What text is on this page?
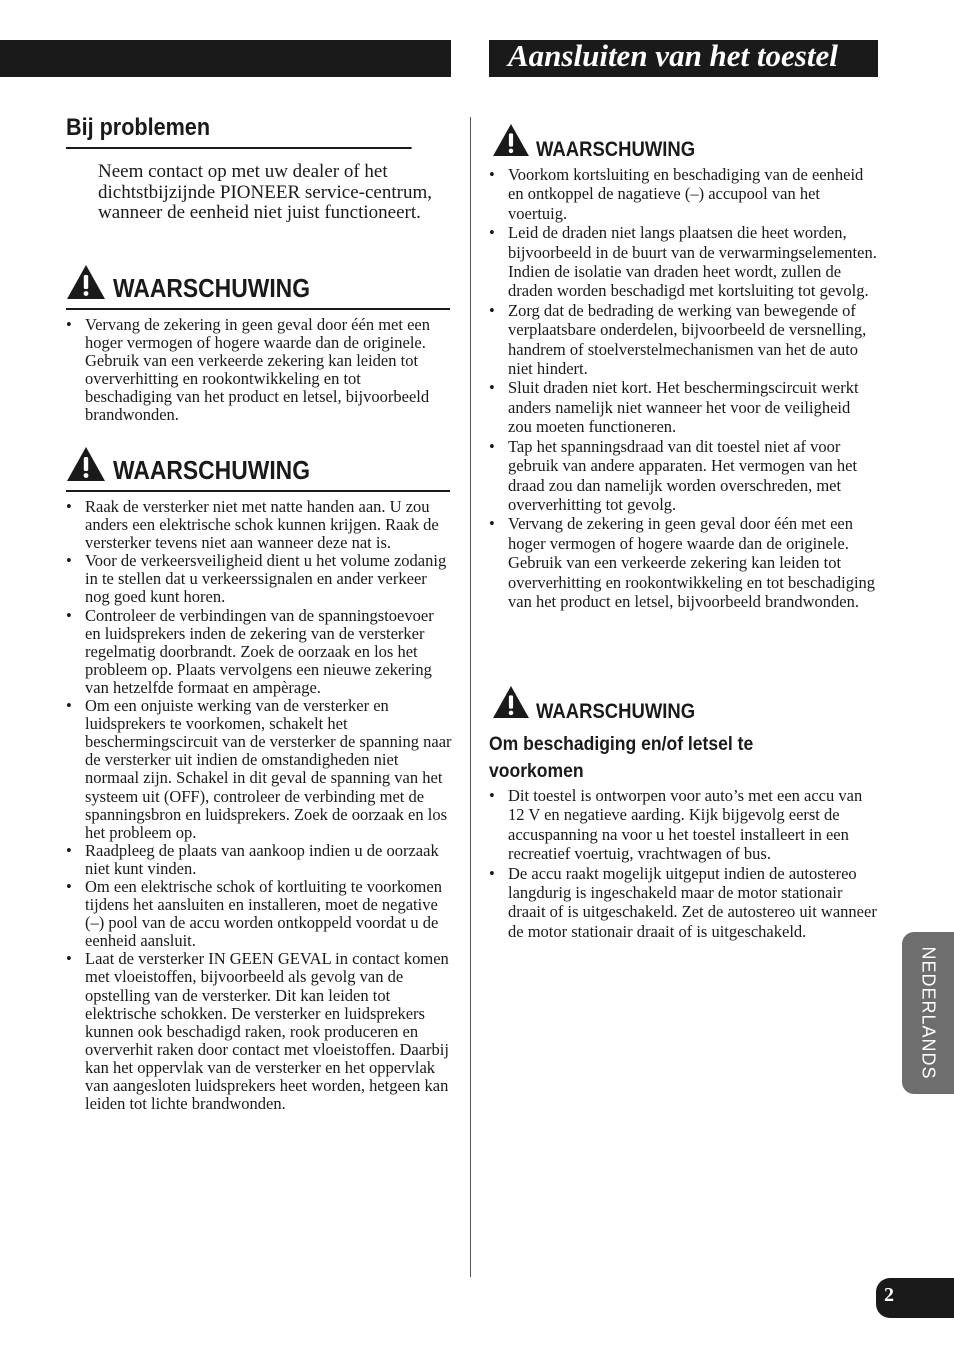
Aansluiten van het toestel
Bij problemen
Neem contact op met uw dealer of het dichtstbijzijnde PIONEER service-centrum, wanneer de eenheid niet juist functioneert.
WAARSCHUWING
• Vervang de zekering in geen geval door één met een hoger vermogen of hogere waarde dan de originele. Gebruik van een verkeerde zekering kan leiden tot oververhitting en rookontwikkeling en tot beschadiging van het product en letsel, bijvoorbeeld brandwonden.
WAARSCHUWING
• Raak de versterker niet met natte handen aan. U zou anders een elektrische schok kunnen krijgen. Raak de versterker tevens niet aan wanneer deze nat is.
• Voor de verkeersveiligheid dient u het volume zodanig in te stellen dat u verkeerssignalen en ander verkeer nog goed kunt horen.
• Controleer de verbindingen van de spanningstoevoer en luidsprekers inden de zekering van de versterker regelmatig doorbrandt. Zoek de oorzaak en los het probleem op. Plaats vervolgens een nieuwe zekering van hetzelfde formaat en ampèrage.
• Om een onjuiste werking van de versterker en luidsprekers te voorkomen, schakelt het beschermingscircuit van de versterker de spanning naar de versterker uit indien de omstandigheden niet normaal zijn. Schakel in dit geval de spanning van het systeem uit (OFF), controleer de verbinding met de spanningsbron en luidsprekers. Zoek de oorzaak en los het probleem op.
• Raadpleeg de plaats van aankoop indien u de oorzaak niet kunt vinden.
• Om een elektrische schok of kortluiting te voorkomen tijdens het aansluiten en installeren, moet de negative (–) pool van de accu worden ontkoppeld voordat u de eenheid aansluit.
• Laat de versterker IN GEEN GEVAL in contact komen met vloeistoffen, bijvoorbeeld als gevolg van de opstelling van de versterker. Dit kan leiden tot elektrische schokken. De versterker en luidsprekers kunnen ook beschadigd raken, rook produceren en oververhit raken door contact met vloeistoffen. Daarbij kan het oppervlak van de versterker en het oppervlak van aangesloten luidsprekers heet worden, hetgeen kan leiden tot lichte brandwonden.
WAARSCHUWING
• Voorkom kortsluiting en beschadiging van de eenheid en ontkoppel de nagatieve (–) accupool van het voertuig.
• Leid de draden niet langs plaatsen die heet worden, bijvoorbeeld in de buurt van de verwarmingselementen. Indien de isolatie van draden heet wordt, zullen de draden worden beschadigd met kortsluiting tot gevolg.
• Zorg dat de bedrading de werking van bewegende of verplaatsbare onderdelen, bijvoorbeeld de versnelling, handrem of stoelverstelmechanismen van het de auto niet hindert.
• Sluit draden niet kort. Het beschermingscircuit werkt anders namelijk niet wanneer het voor de veiligheid zou moeten functioneren.
• Tap het spanningsdraad van dit toestel niet af voor gebruik van andere apparaten. Het vermogen van het draad zou dan namelijk worden overschreden, met oververhitting tot gevolg.
• Vervang de zekering in geen geval door één met een hoger vermogen of hogere waarde dan de originele. Gebruik van een verkeerde zekering kan leiden tot oververhitting en rookontwikkeling en tot beschadiging van het product en letsel, bijvoorbeeld brandwonden.
WAARSCHUWING
Om beschadiging en/of letsel te voorkomen
• Dit toestel is ontworpen voor auto’s met een accu van 12 V en negatieve aarding. Kijk bijgevolg eerst de accuspanning na voor u het toestel installeert in een recreatief voertuig, vrachtwagen of bus.
• De accu raakt mogelijk uitgeput indien de autostereo langdurig is ingeschakeld maar de motor stationair draait of is uitgeschakeld. Zet de autostereo uit wanneer de motor stationair draait of is uitgeschakeld.
NEDERLANDS
2
